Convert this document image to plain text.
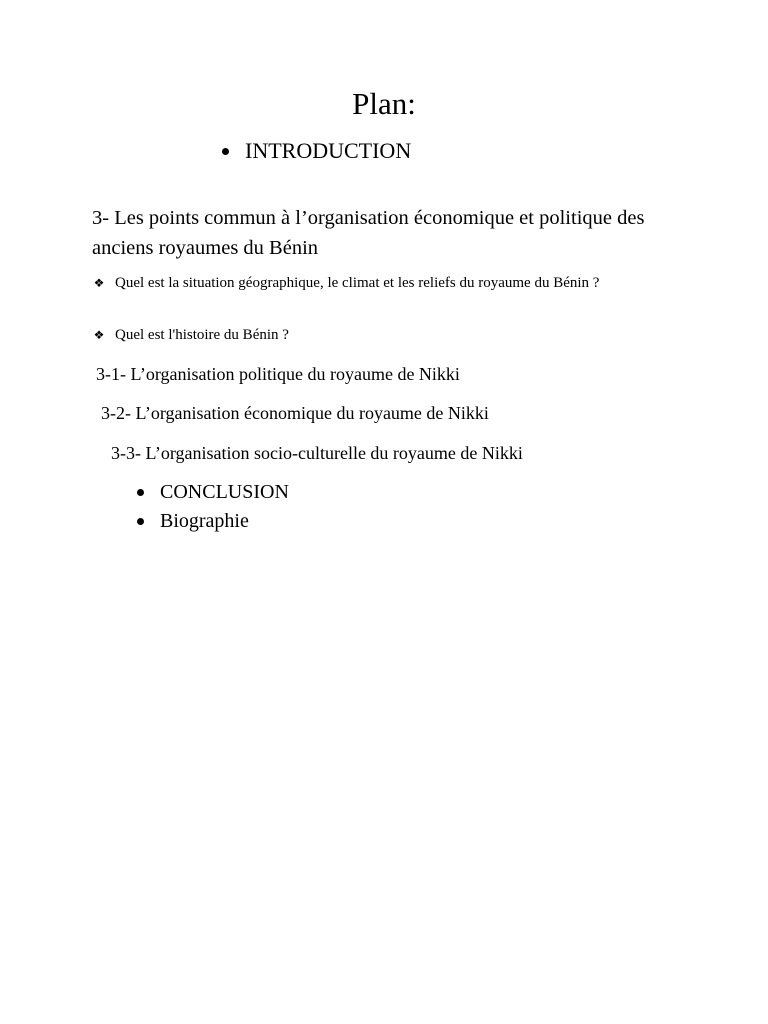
Plan:
INTRODUCTION
3- Les points commun à l’organisation économique et politique des anciens royaumes du Bénin
❖ Quel est la situation géographique, le climat et les reliefs du royaume du Bénin ?
❖ Quel est l'histoire du Bénin ?
3-1- L’organisation politique du royaume de Nikki
3-2- L’organisation économique du royaume de Nikki
3-3- L’organisation socio-culturelle du royaume de Nikki
CONCLUSION
Biographie
